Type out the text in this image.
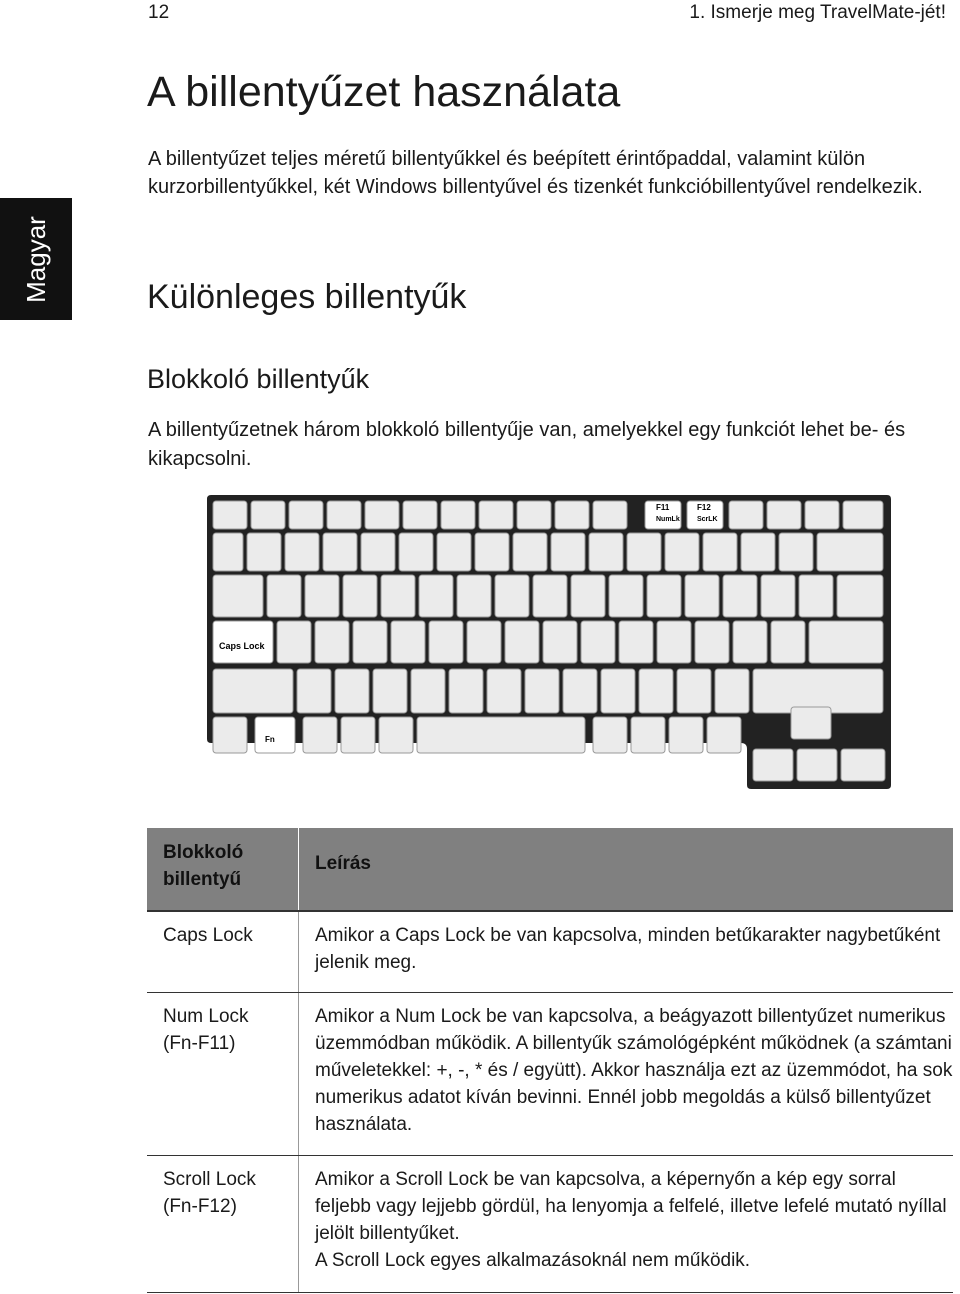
12	1. Ismerje meg TravelMate-jét!
Magyar
A billentyűzet használata

A billentyűzet teljes méretű billentyűkkel és beépített érintőpaddal, valamint külön kurzorbillentyűkkel, két Windows billentyűvel és tizenkét funkcióbillentyűvel rendelkezik.

Különleges billentyűk
Blokkoló billentyűk

A billentyűzetnek három blokkoló billentyűje van, amelyekkel egy funkciót lehet be- és kikapcsolni.

F11
NumLk
F12
ScrLK
Caps Lock
Fn
Blokkoló billentyű
Leírás
Caps Lock	Amikor a Caps Lock be van kapcsolva, minden betűkarakter nagybetűként jelenik meg.
Num Lock (Fn-F11)
Amikor a Num Lock be van kapcsolva, a beágyazott billentyűzet numerikus üzemmódban működik. A billentyűk számológépként működnek (a számtani műveletekkel: +, -, * és / együtt). Akkor használja ezt az üzemmódot, ha sok numerikus adatot kíván bevinni. Ennél jobb megoldás a külső billentyűzet használata.
Scroll Lock (Fn-F12)
Amikor a Scroll Lock be van kapcsolva, a képernyőn a kép egy sorral feljebb vagy lejjebb gördül, ha lenyomja a felfelé, illetve lefelé mutató nyíllal jelölt billentyűket.
A Scroll Lock egyes alkalmazásoknál nem működik.
